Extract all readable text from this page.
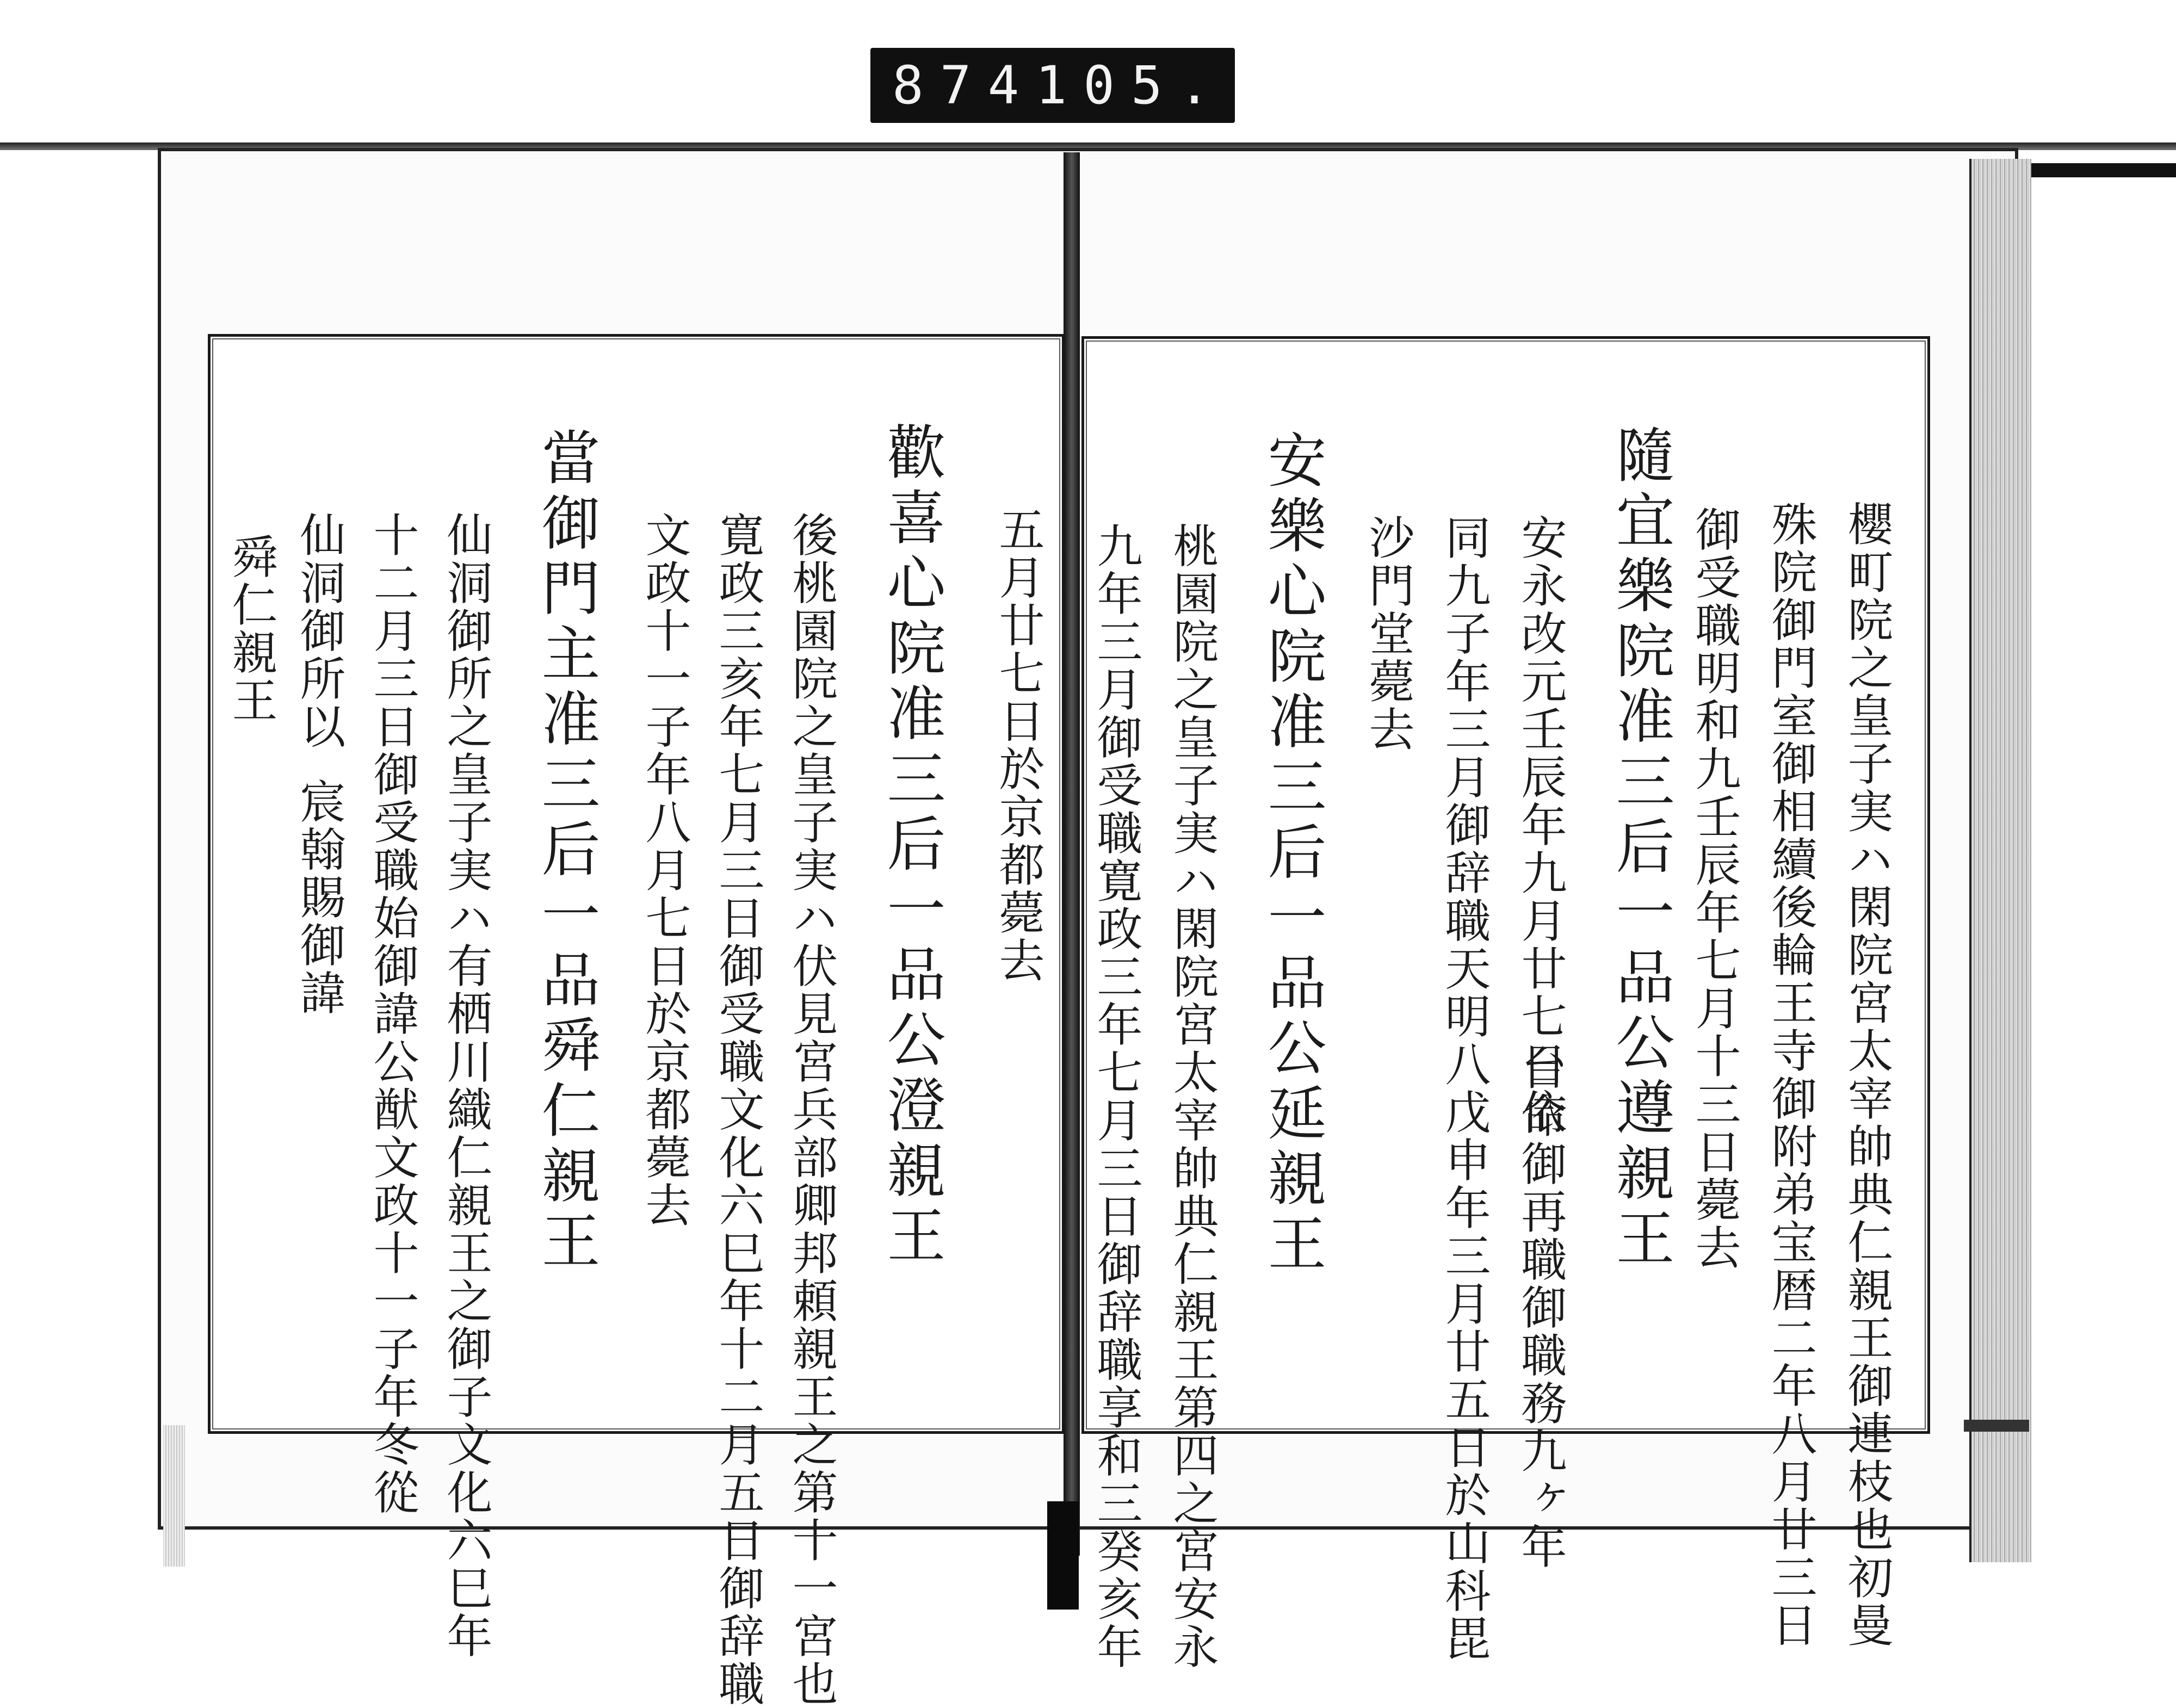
874 105.
櫻町院之皇子実ハ閑院宮太宰帥典仁親王御連枝也初曼
殊院御門室御相續後輪王寺御附弟宝暦二年八月廿三日
御受職明和九壬辰年七月十三日薨去
隨宜樂院准三后一品公遵親王
安永改元壬辰年九月廿七日依
台命御再職御職務九ヶ年
同九子年三月御辞職天明八戊申年三月廿五日於山科毘
沙門堂薨去
安樂心院准三后一品公延親王
桃園院之皇子実ハ閑院宮太宰帥典仁親王第四之宮安永
九年三月御受職寛政三年七月三日御辞職享和三癸亥年
五月廿七日於京都薨去
歡喜心院准三后一品公澄親王
後桃園院之皇子実ハ伏見宮兵部卿邦頼親王之第十一宮也
寛政三亥年七月三日御受職文化六巳年十二月五日御辞職
文政十一子年八月七日於京都薨去
當御門主准三后一品舜仁親王
仙洞御所之皇子実ハ有栖川織仁親王之御子文化六巳年
十二月三日御受職始御諱公猷文政十一子年冬從
仙洞御所以
宸翰賜御諱
舜仁親王
